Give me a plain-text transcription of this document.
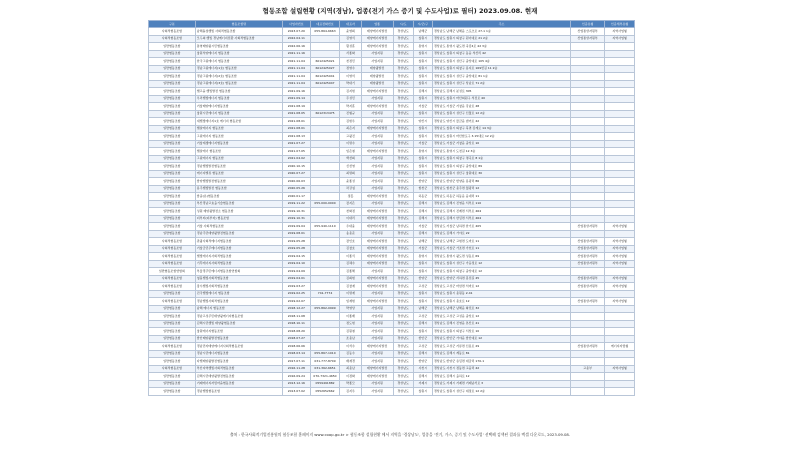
협동조합 설립현황 (지역(경남), 업종(전기 가스 증기 및 수도사업)로 필터) 2023.09.08. 현재
구분	협동조합명	사업자번호	대표전화번호	대표자	업종	시/도	시/군/구	주소	인증유형	인증세부유형
사회적협동조합	남해돌섬햇빛 사회적협동조합	2023.07.20	055-864-6663	윤영희	태양에너지발전	경상남도	남해군	경상남도 남해군 남해읍 스포츠로 27-1 1층	산업통상자원부	지역사업형
사회적협동조합	모두의 햇빛 경남에너지전환 사회적협동조합	2022.04.11		김영식	태양에너지발전	경상남도	창원시	경상남도 창원시 의창구 원이대로 21 2층	산업통상자원부	지역사업형
일반협동조합	통영태양광시민협동조합	2022.06.16		황성훈	태양에너지발전	경상남도	통영시	경상남도 통영시 광도면 죽림4로 42 3층		
일반협동조합	창원석양에너지 협동조합	2021.11.16		서종화	사업지원	경상남도	창원시	경상남도 창원시 의창구 동읍 석산리 42		
일반협동조합	한국그린에너지 협동조합	2021.11.04	6012425021	천정민	사업지원	경상남도	창원시	경상남도 창원시 성산구 중앙대로 105 4층		
일반협동조합	경남그린에너지(1호) 협동조합	2021.11.04	6012425027	정영수	태양광발전	경상남도	창원시	경상남도 창원시 의창구 용지로 169번길 11 2층		
일반협동조합	경남그린에너지(2호) 협동조합	2021.11.04	6012425041	이영석	태양광발전	경상남도	창원시	경상남도 창원시 성산구 중앙대로 81 1층		
일반협동조합	경남그린에너지(3호) 협동조합	2021.11.04	6012425047	박대기	태양광발전	경상남도	창원시	경상남도 창원시 성산구 상남로 71 2층		
일반협동조합	햇고을 햇빛발전 협동조합	2021.09.16		김지현	태양에너지발전	경상남도	김해시	경상남도 김해시 분성로 305		
일반협동조합	우리햇빛에너지 협동조합	2021.09.14		주성민	사업지원	경상남도	창원시	경상남도 창원시 마산회원구 석전로 40		
일반협동조합	거창태양에너지협동조합	2021.08.19		박지훈	태양에너지발전	경상남도	거창군	경상남도 거창군 거창읍 강남로 48		
일반협동조합	창원시민에너지 협동조합	2021.08.05	6012313475	진형규	사업지원	경상남도	창원시	경상남도 창원시 성산구 신월로 12 2층		
일반협동조합	새햇빛에너지1호 에너지 협동조합	2021.08.01		김현우	사업지원	경상남도	양산시	경상남도 양산시 물금읍 범어로 42		
일반협동조합	햇살에너지 협동조합	2021.08.01		최은지	태양에너지발전	경상남도	창원시	경상남도 창원시 의창구 북면 감계로 14 3층		
일반협동조합	그린에너지 협동조합	2021.08.13		고광진	사업지원	경상남도	창원시	경상남도 창원시 마산합포구 3.15대로 12 2층		
일반협동조합	거창재생에너지협동조합	2021.07.27		이명수	사업지원	경상남도	거창군	경상남도 거창군 거창읍 중앙로 10		
일반협동조합	햇살에너 협동조합	2021.07.05		임은철	태양에너지발전	경상남도	통영시	경상남도 통영시 도천길 12 3층		
일반협동조합	그린에너지 협동조합	2021.04.02		백선희	사업지원	경상남도	창원시	경상남도 창원시 의창구 명곡로 8 1층		
일반협동조합	경남햇빛발전협동조합	2020.10.15		신선영	사업지원	경상남도	창원시	경상남도 창원시 의창구 중앙대로 89		
일반협동조합	에너지밸류 협동조합	2020.07.27		최명희	사업지원	경상남도	창원시	경상남도 창원시 성산구 창원대로 30		
일반협동조합	함양햇빛발전협동조합	2020.06.03		윤종성	사업지원	경상남도	함양군	경상남도 함양군 함양읍 용평리 86		
일반협동조합	용주햇빛발전 협동조합	2020.05.26		차강섭	사업지원	경상남도	합천군	경상남도 합천군 용주면 월평리 12		
일반협동조합	함중(유)협동조합	2020.01.17		정홍	태양에너지발전	경상남도	하동군	경상남도 하동군 하동읍 읍내리 11		
일반협동조합	부산경남고효율기술협동조합	2019.11.22	055-000-0000	장지은	사업지원	경상남도	김해시	경상남도 김해시 진영읍 서부로 110		
일반협동조합	성원 태양광발전소 협동조합	2019.10.31		천화정	태양에너지발전	경상남도	김해시	경상남도 김해시 진례면 서부로 464		
일반협동조합	더부터(더부터) 협동조합	2019.10.31		이대리	태양에너지발전	경상남도	김해시	경상남도 김해시 한림면 서부로 464		
일반협동조합	거창 사회적협동조합	2019.09.04	055-940-1110	우대웅	태양에너지발전	경상남도	거창군	경상남도 거창군 남하면 한기로 405	산업통상자원부	지역사업형
일반협동조합	경남주민태양광발전협동조합	2019.08.01		송용준	사업지원	경상남도	김해시	경상남도 김해시 가야로 22		
사회적협동조합	관광사회적에너지협동조합	2019.05.28		장인호	태양에너지발전	경상남도	남해군	경상남도 남해군 고현면 도마로 11	산업통상자원부	지역사업형
사회적협동조합	거창군민주에너지협동조합	2019.05.28		김창호	태양에너지발전	경상남도	거창군	경상남도 거창군 가조면 가천로 11	산업통상자원부	지역사업형
사회적협동조합	햇빛에너지사회적협동조합	2019.04.15		이종식	태양에너지발전	경상남도	통영시	경상남도 통영시 광도면 성동로 69	산업통상자원부	지역사업형
사회적협동조합	기후에너지사회적협동조합	2019.04.10		김혜수	태양에너지발전	경상남도	창원시	경상남도 창원시 성산구 가음정로 12	산업통상자원부	지역사업형
일반협동조합연합회	부울경주민에너지협동조합연합회	2019.04.09		김종해	사업지원	경상남도	창원시	경상남도 창원시 의창구 중앙대로 12		
사회적협동조합	청풍햇빛사회적협동조합	2019.04.01		김희현	태양에너지발전	경상남도	함양군	경상남도 함양군 서하면 봉전길 45	산업통상자원부	지역사업형
사회적협동조합	장수햇빛사회적협동조합	2019.03.27		김창재	태양에너지발전	경상남도	고성군	경상남도 고성군 마암면 석마로 12	산업통상자원부	지역사업형
일반협동조합	진국햇빛에너지 협동조합	2019.02.25	741-7774	이명재	사업지원	경상남도	창원시	경상남도 창원시 용원동 2-41		
사회적협동조합	경남햇빛사회적협동조합	2019.02.07		임재현	태양에너지발전	경상남도	창원시	경상남도 창원시 용호로 12	산업통상자원부	지역사업형
일반협동조합	남해 에너지 협동조합	2018.12.27	055-862-0999	박영상	사업지원	경상남도	남해군	경상남도 남해군 남해읍 화전로 32		
일반협동조합	경남고성주민태양광에너지협동조합	2018.11.08		이종배	사업지원	경상남도	고성군	경상남도 고성군 고성읍 중앙로 12		
일반협동조합	김해시민햇빛 태양광협동조합	2018.10.11		정도현	사업지원	경상남도	김해시	경상남도 김해시 진영읍 본산로 41		
일반협동조합	창원에너지협동조합	2018.08.20		김원철	사업지원	경상남도	창원시	경상남도 창원시 의창구 서상로 10		
일반협동조합	함안태양광발전협동조합	2018.07.27		조용남	사업지원	경상남도	함안군	경상남도 함안군 가야읍 함안대로 12		
사회적협동조합	경남민자태양에너지사회적협동조합	2018.06.06		이석수	태양에너지발전	경상남도	고성군	경상남도 고성군 거류면 신용로 29	산업통상자원부	에너지자립형
일반협동조합	경남시민에너지협동조합	2018.03.14	055-867-1010	김동수	사업지원	경상남도	김해시	경상남도 김해시 계동로 81		
일반협동조합	다햇태양광발전협동조합	2017.07.11	031-777-8709	배재경	사업지원	경상남도	함양군	경상남도 함양군 유림면 대궁리 170-1		
사회적협동조합	부안지역햇빛사회적협동조합	2016.11.28	031-362-6651	최용남	태양에너지발전	경상남도	사천시	경상남도 사천시 정동면 고읍리 42	고용부	지역사업형
일반협동조합	김해시민태양광발전협동조합	2016.09.24	070-7321-4650	이정화	태양에너지발전	경상남도	김해시	경상남도 김해시 율하로 12		
일반협동조합	거제에너지자립마을협동조합	2013.12.16	0559491882	박종모	사업지원	경상남도	거제시	경상남도 거제시 거제면 거제남서로 3		
일반협동조합	경남햇빛협동조합	2013.07.02	0552652662	김지우	사업지원	경상남도	창원시	경상남도 창원시 성산구 대정로 12 2층		
출처 : 한국사회적기업진흥원의 협동조합 홈페이지 www.coop.go.kr > 협동조합 설립현황 에서 지역을 '경상남도', 업종을 '전기, 가스, 증기 및 수도사업' 선택해 검색된 결과를 엑셀 다운로드, 2023.09.08.
